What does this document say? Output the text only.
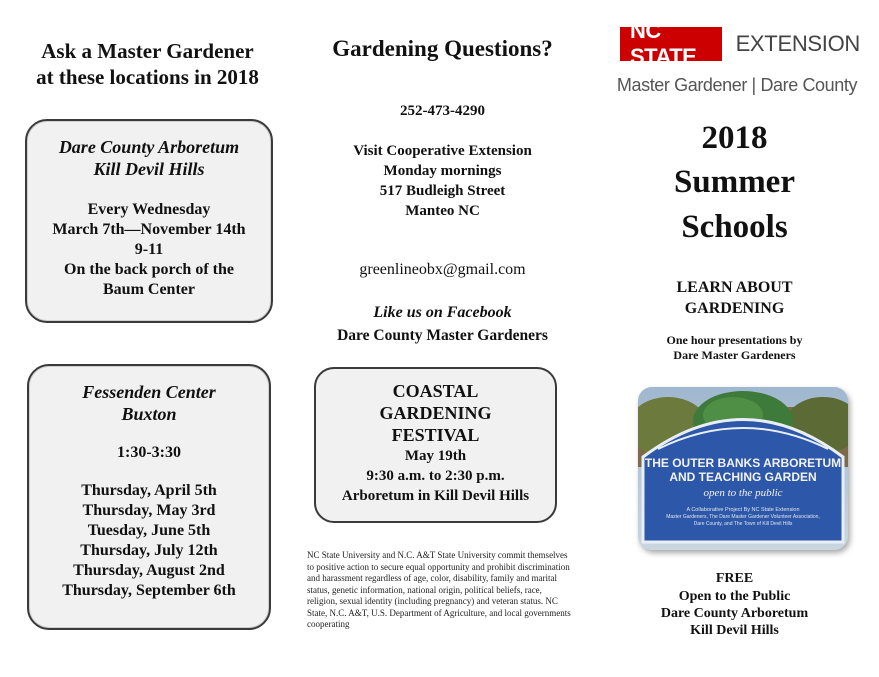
Ask a Master Gardener
at these locations in 2018
Dare County Arboretum
Kill Devil Hills
Every Wednesday
March 7th—November 14th
9-11
On the back porch of the
Baum Center
Fessenden Center
Buxton
1:30-3:30
Thursday, April 5th
Thursday, May 3rd
Tuesday, June 5th
Thursday, July 12th
Thursday, August 2nd
Thursday, September 6th
Gardening Questions?
252-473-4290
Visit Cooperative Extension
Monday mornings
517 Budleigh Street
Manteo NC
greenlineobx@gmail.com
Like us on Facebook
Dare County Master Gardeners
COASTAL
GARDENING
FESTIVAL
May 19th
9:30 a.m. to 2:30 p.m.
Arboretum in Kill Devil Hills
NC State University and N.C. A&T State University commit themselves to positive action to secure equal opportunity and prohibit discrimination and harassment regardless of age, color, disability, family and marital status, genetic information, national origin, political beliefs, race, religion, sexual identity (including pregnancy) and veteran status. NC State, N.C. A&T, U.S. Department of Agriculture, and local governments cooperating
NC STATE
EXTENSION
Master Gardener | Dare County
2018
Summer
Schools
LEARN ABOUT
GARDENING
One hour presentations by
Dare Master Gardeners
THE OUTER BANKS ARBORETUM
AND TEACHING GARDEN
open to the public
A Collaborative Project By NC State Extension
Master Gardeners, The Dare Master Gardener Volunteer Association,
Dare County, and The Town of Kill Devil Hills
FREE
Open to the Public
Dare County Arboretum
Kill Devil Hills
